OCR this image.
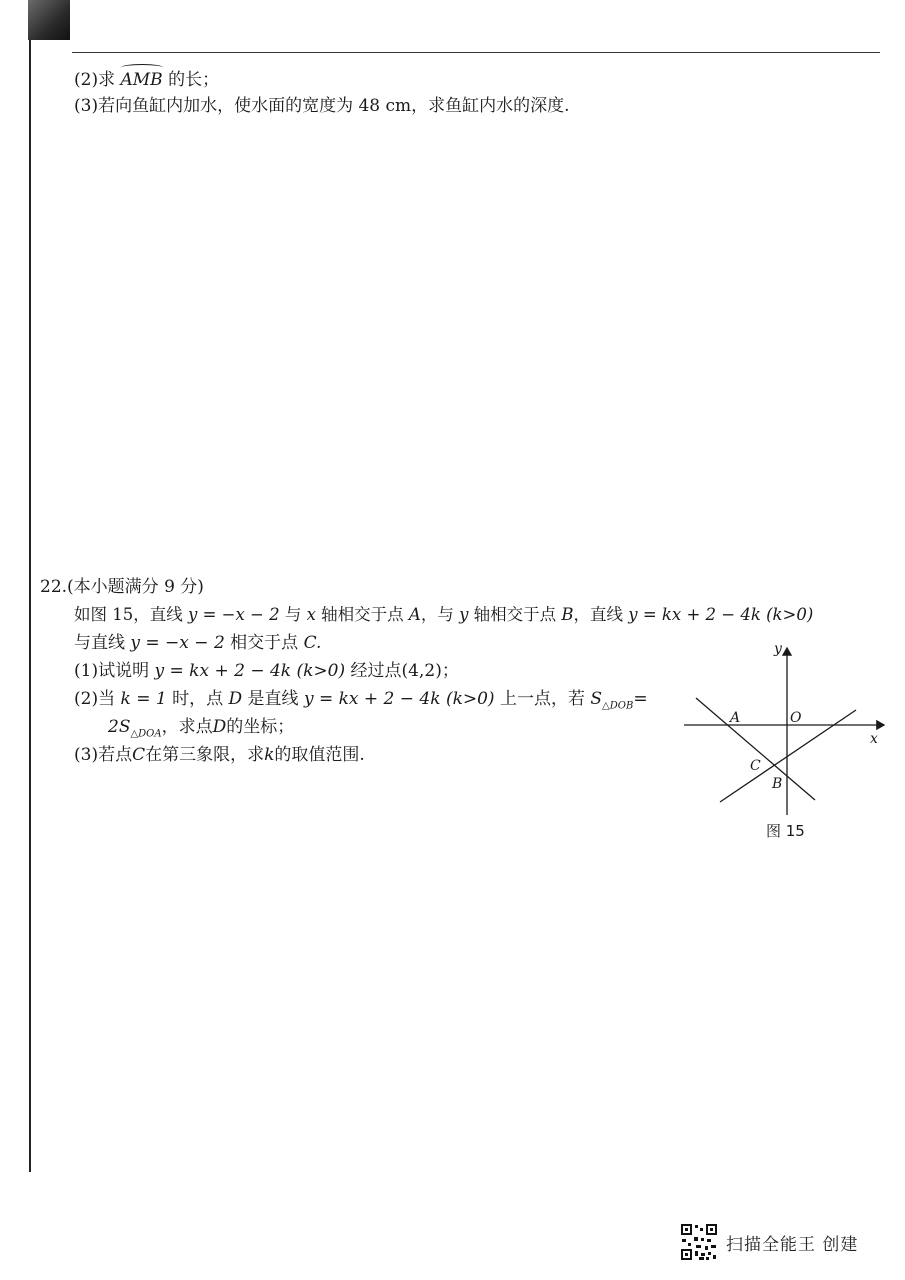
(2)求 AMB 的长；
(3)若向鱼缸内加水，使水面的宽度为 48 cm，求鱼缸内水的深度.
22.(本小题满分 9 分)
如图 15，直线 y = −x − 2 与 x 轴相交于点 A，与 y 轴相交于点 B，直线 y = kx + 2 − 4k (k>0)
与直线 y = −x − 2 相交于点 C.
(1)试说明 y = kx + 2 − 4k (k>0) 经过点(4,2)；
(2)当 k = 1 时，点 D 是直线 y = kx + 2 − 4k (k>0) 上一点，若 $S_{\triangle DOB}=$
$2S_{\triangle DOA}$，求点D的坐标；
(3)若点C在第三象限，求k的取值范围.
y
x
A	O
C
B
图 15
扫描全能王 创建
